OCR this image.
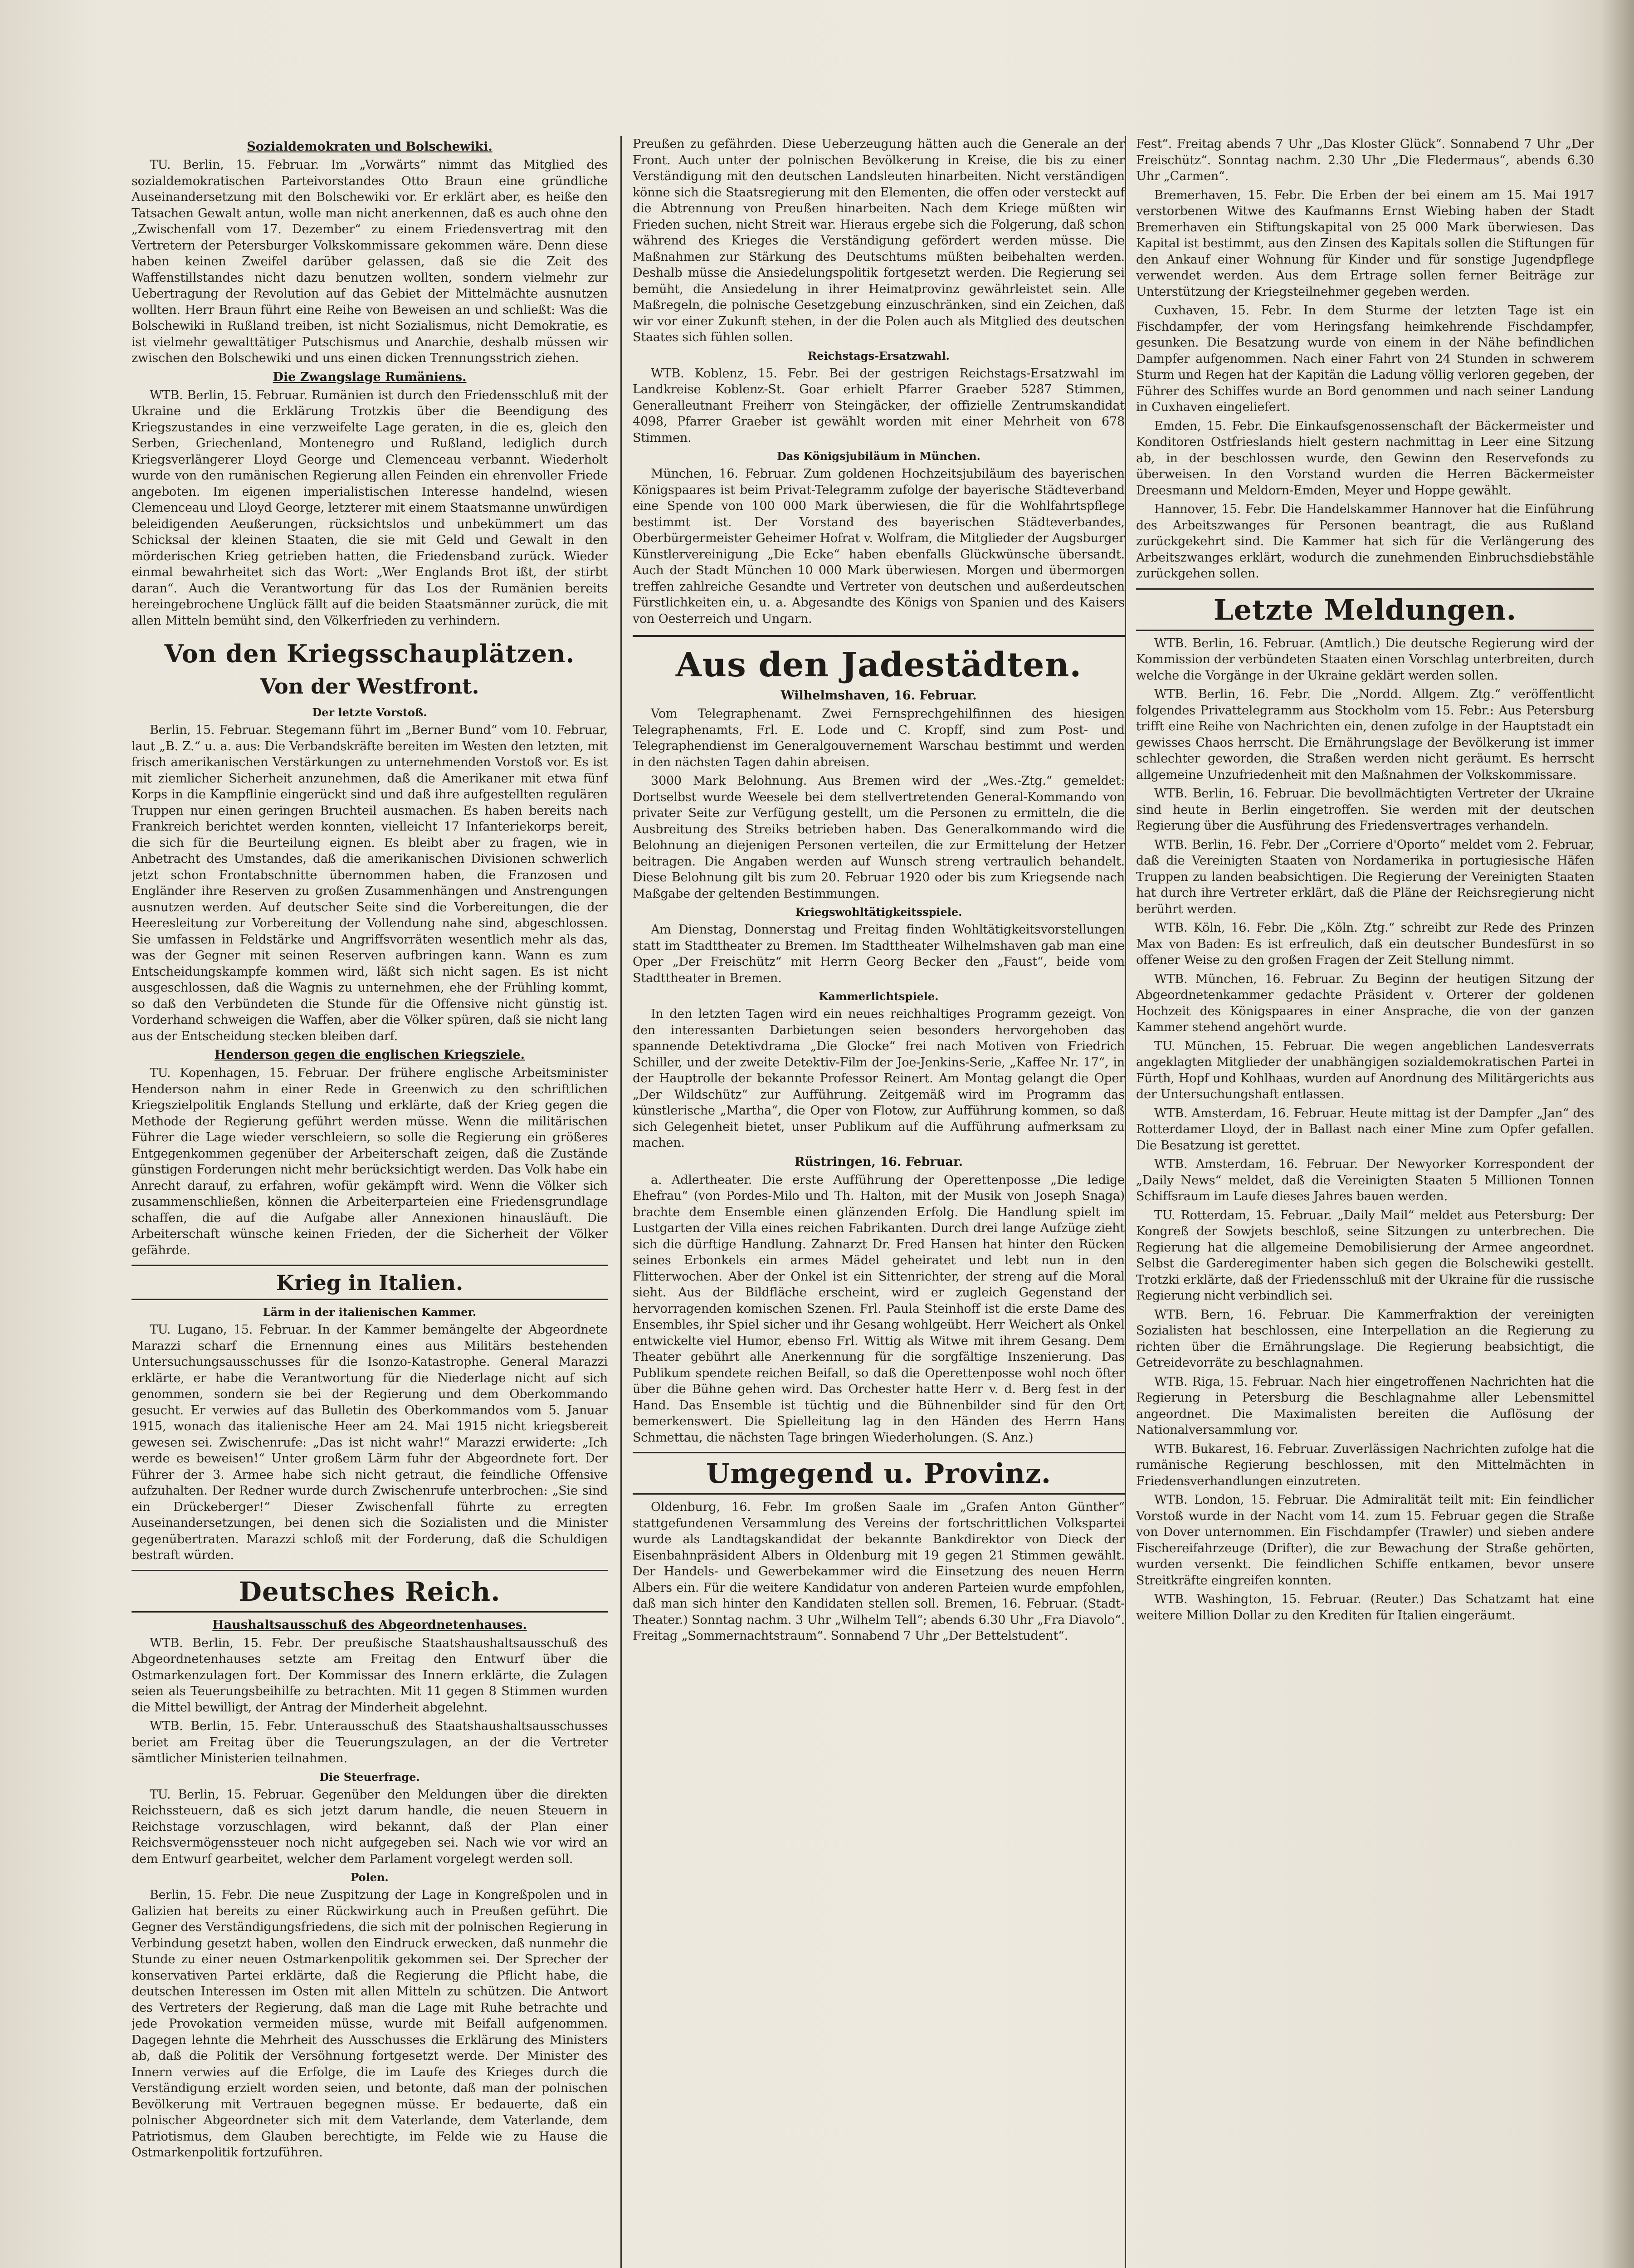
Sozialdemokraten und Bolschewiki.

TU. Berlin, 15. Februar. Im „Vorwärts“ nimmt das Mitglied des sozialdemokratischen Parteivorstandes Otto Braun eine gründliche Auseinandersetzung mit den Bolschewiki vor. Er erklärt aber, es heiße den Tatsachen Gewalt antun, wolle man nicht anerkennen, daß es auch ohne den „Zwischenfall vom 17. Dezember“ zu einem Friedensvertrag mit den Vertretern der Petersburger Volkskommissare gekommen wäre. Denn diese haben keinen Zweifel darüber gelassen, daß sie die Zeit des Waffenstillstandes nicht dazu benutzen wollten, sondern vielmehr zur Uebertragung der Revolution auf das Gebiet der Mittelmächte ausnutzen wollten. Herr Braun führt eine Reihe von Beweisen an und schließt: Was die Bolschewiki in Rußland treiben, ist nicht Sozialismus, nicht Demokratie, es ist vielmehr gewalttätiger Putschismus und Anarchie, deshalb müssen wir zwischen den Bolschewiki und uns einen dicken Trennungsstrich ziehen.

Die Zwangslage Rumäniens.

WTB. Berlin, 15. Februar. Rumänien ist durch den Friedensschluß mit der Ukraine und die Erklärung Trotzkis über die Beendigung des Kriegszustandes in eine verzweifelte Lage geraten, in die es, gleich den Serben, Griechenland, Montenegro und Rußland, lediglich durch Kriegsverlängerer Lloyd George und Clemenceau verbannt. Wiederholt wurde von den rumänischen Regierung allen Feinden ein ehrenvoller Friede angeboten. Im eigenen imperialistischen Interesse handelnd, wiesen Clemenceau und Lloyd George, letzterer mit einem Staatsmanne unwürdigen beleidigenden Aeußerungen, rücksichtslos und unbekümmert um das Schicksal der kleinen Staaten, die sie mit Geld und Gewalt in den mörderischen Krieg getrieben hatten, die Friedensband zurück. Wieder einmal bewahrheitet sich das Wort: „Wer Englands Brot ißt, der stirbt daran“. Auch die Verantwortung für das Los der Rumänien bereits hereingebrochene Unglück fällt auf die beiden Staatsmänner zurück, die mit allen Mitteln bemüht sind, den Völkerfrieden zu verhindern.

Von den Kriegsschauplätzen.
Von der Westfront.
Der letzte Vorstoß.

Berlin, 15. Februar. Stegemann führt im „Berner Bund“ vom 10. Februar, laut „B. Z.“ u. a. aus: Die Verbandskräfte bereiten im Westen den letzten, mit frisch amerikanischen Verstärkungen zu unternehmenden Vorstoß vor. Es ist mit ziemlicher Sicherheit anzunehmen, daß die Amerikaner mit etwa fünf Korps in die Kampflinie eingerückt sind und daß ihre aufgestellten regulären Truppen nur einen geringen Bruchteil ausmachen. Es haben bereits nach Frankreich berichtet werden konnten, vielleicht 17 Infanteriekorps bereit, die sich für die Beurteilung eignen. Es bleibt aber zu fragen, wie in Anbetracht des Umstandes, daß die amerikanischen Divisionen schwerlich jetzt schon Frontabschnitte übernommen haben, die Franzosen und Engländer ihre Reserven zu großen Zusammenhängen und Anstrengungen ausnutzen werden. Auf deutscher Seite sind die Vorbereitungen, die der Heeresleitung zur Vorbereitung der Vollendung nahe sind, abgeschlossen. Sie umfassen in Feldstärke und Angriffsvorräten wesentlich mehr als das, was der Gegner mit seinen Reserven aufbringen kann. Wann es zum Entscheidungskampfe kommen wird, läßt sich nicht sagen. Es ist nicht ausgeschlossen, daß die Wagnis zu unternehmen, ehe der Frühling kommt, so daß den Verbündeten die Stunde für die Offensive nicht günstig ist. Vorderhand schweigen die Waffen, aber die Völker spüren, daß sie nicht lang aus der Entscheidung stecken bleiben darf.

Henderson gegen die englischen Kriegsziele.

TU. Kopenhagen, 15. Februar. Der frühere englische Arbeitsminister Henderson nahm in einer Rede in Greenwich zu den schriftlichen Kriegszielpolitik Englands Stellung und erklärte, daß der Krieg gegen die Methode der Regierung geführt werden müsse. Wenn die militärischen Führer die Lage wieder verschleiern, so solle die Regierung ein größeres Entgegenkommen gegenüber der Arbeiterschaft zeigen, daß die Zustände günstigen Forderungen nicht mehr berücksichtigt werden. Das Volk habe ein Anrecht darauf, zu erfahren, wofür gekämpft wird. Wenn die Völker sich zusammenschließen, können die Arbeiterparteien eine Friedensgrundlage schaffen, die auf die Aufgabe aller Annexionen hinausläuft. Die Arbeiterschaft wünsche keinen Frieden, der die Sicherheit der Völker gefährde.

Krieg in Italien.
Lärm in der italienischen Kammer.

TU. Lugano, 15. Februar. In der Kammer bemängelte der Abgeordnete Marazzi scharf die Ernennung eines aus Militärs bestehenden Untersuchungsausschusses für die Isonzo-Katastrophe. General Marazzi erklärte, er habe die Verantwortung für die Niederlage nicht auf sich genommen, sondern sie bei der Regierung und dem Oberkommando gesucht. Er verwies auf das Bulletin des Oberkommandos vom 5. Januar 1915, wonach das italienische Heer am 24. Mai 1915 nicht kriegsbereit gewesen sei. Zwischenrufe: „Das ist nicht wahr!“ Marazzi erwiderte: „Ich werde es beweisen!“ Unter großem Lärm fuhr der Abgeordnete fort. Der Führer der 3. Armee habe sich nicht getraut, die feindliche Offensive aufzuhalten. Der Redner wurde durch Zwischenrufe unterbrochen: „Sie sind ein Drückeberger!“ Dieser Zwischenfall führte zu erregten Auseinandersetzungen, bei denen sich die Sozialisten und die Minister gegenübertraten. Marazzi schloß mit der Forderung, daß die Schuldigen bestraft würden.

Deutsches Reich.
Haushaltsausschuß des Abgeordnetenhauses.

WTB. Berlin, 15. Febr. Der preußische Staatshaushaltsausschuß des Abgeordnetenhauses setzte am Freitag den Entwurf über die Ostmarkenzulagen fort. Der Kommissar des Innern erklärte, die Zulagen seien als Teuerungsbeihilfe zu betrachten. Mit 11 gegen 8 Stimmen wurden die Mittel bewilligt, der Antrag der Minderheit abgelehnt.

WTB. Berlin, 15. Febr. Unterausschuß des Staatshaushaltsausschusses beriet am Freitag über die Teuerungszulagen, an der die Vertreter sämtlicher Ministerien teilnahmen.

Die Steuerfrage.

TU. Berlin, 15. Februar. Gegenüber den Meldungen über die direkten Reichssteuern, daß es sich jetzt darum handle, die neuen Steuern in Reichstage vorzuschlagen, wird bekannt, daß der Plan einer Reichsvermögenssteuer noch nicht aufgegeben sei. Nach wie vor wird an dem Entwurf gearbeitet, welcher dem Parlament vorgelegt werden soll.

Polen.

Berlin, 15. Febr. Die neue Zuspitzung der Lage in Kongreßpolen und in Galizien hat bereits zu einer Rückwirkung auch in Preußen geführt. Die Gegner des Verständigungsfriedens, die sich mit der polnischen Regierung in Verbindung gesetzt haben, wollen den Eindruck erwecken, daß nunmehr die Stunde zu einer neuen Ostmarkenpolitik gekommen sei. Der Sprecher der konservativen Partei erklärte, daß die Regierung die Pflicht habe, die deutschen Interessen im Osten mit allen Mitteln zu schützen. Die Antwort des Vertreters der Regierung, daß man die Lage mit Ruhe betrachte und jede Provokation vermeiden müsse, wurde mit Beifall aufgenommen. Dagegen lehnte die Mehrheit des Ausschusses die Erklärung des Ministers ab, daß die Politik der Versöhnung fortgesetzt werde. Der Minister des Innern verwies auf die Erfolge, die im Laufe des Krieges durch die Verständigung erzielt worden seien, und betonte, daß man der polnischen Bevölkerung mit Vertrauen begegnen müsse. Er bedauerte, daß ein polnischer Abgeordneter sich mit dem Vaterlande, dem Vaterlande, dem Patriotismus, dem Glauben berechtigte, im Felde wie zu Hause die Ostmarkenpolitik fortzuführen.

Preußen zu gefährden. Diese Ueberzeugung hätten auch die Generale an der Front. Auch unter der polnischen Bevölkerung in Kreise, die bis zu einer Verständigung mit den deutschen Landsleuten hinarbeiten. Nicht verständigen könne sich die Staatsregierung mit den Elementen, die offen oder versteckt auf die Abtrennung von Preußen hinarbeiten. Nach dem Kriege müßten wir Frieden suchen, nicht Streit war. Hieraus ergebe sich die Folgerung, daß schon während des Krieges die Verständigung gefördert werden müsse. Die Maßnahmen zur Stärkung des Deutschtums müßten beibehalten werden. Deshalb müsse die Ansiedelungspolitik fortgesetzt werden. Die Regierung sei bemüht, die Ansiedelung in ihrer Heimatprovinz gewährleistet sein. Alle Maßregeln, die polnische Gesetzgebung einzuschränken, sind ein Zeichen, daß wir vor einer Zukunft stehen, in der die Polen auch als Mitglied des deutschen Staates sich fühlen sollen.

Reichstags-Ersatzwahl.

WTB. Koblenz, 15. Febr. Bei der gestrigen Reichstags-Ersatzwahl im Landkreise Koblenz-St. Goar erhielt Pfarrer Graeber 5287 Stimmen, Generalleutnant Freiherr von Steingäcker, der offizielle Zentrumskandidat 4098, Pfarrer Graeber ist gewählt worden mit einer Mehrheit von 678 Stimmen.

Das Königsjubiläum in München.

München, 16. Februar. Zum goldenen Hochzeitsjubiläum des bayerischen Königspaares ist beim Privat-Telegramm zufolge der bayerische Städteverband eine Spende von 100 000 Mark überwiesen, die für die Wohlfahrtspflege bestimmt ist. Der Vorstand des bayerischen Städteverbandes, Oberbürgermeister Geheimer Hofrat v. Wolfram, die Mitglieder der Augsburger Künstlervereinigung „Die Ecke“ haben ebenfalls Glückwünsche übersandt. Auch der Stadt München 10 000 Mark überwiesen. Morgen und übermorgen treffen zahlreiche Gesandte und Vertreter von deutschen und außerdeutschen Fürstlichkeiten ein, u. a. Abgesandte des Königs von Spanien und des Kaisers von Oesterreich und Ungarn.

Aus den Jadestädten.
Wilhelmshaven, 16. Februar.

Vom Telegraphenamt. Zwei Fernsprechgehilfinnen des hiesigen Telegraphenamts, Frl. E. Lode und C. Kropff, sind zum Post- und Telegraphendienst im Generalgouvernement Warschau bestimmt und werden in den nächsten Tagen dahin abreisen.

3000 Mark Belohnung. Aus Bremen wird der „Wes.-Ztg.“ gemeldet: Dortselbst wurde Weesele bei dem stellvertretenden General-Kommando von privater Seite zur Verfügung gestellt, um die Personen zu ermitteln, die die Ausbreitung des Streiks betrieben haben. Das Generalkommando wird die Belohnung an diejenigen Personen verteilen, die zur Ermittelung der Hetzer beitragen. Die Angaben werden auf Wunsch streng vertraulich behandelt. Diese Belohnung gilt bis zum 20. Februar 1920 oder bis zum Kriegsende nach Maßgabe der geltenden Bestimmungen.

Kriegswohltätigkeitsspiele.

Am Dienstag, Donnerstag und Freitag finden Wohltätigkeitsvorstellungen statt im Stadttheater zu Bremen. Im Stadttheater Wilhelmshaven gab man eine Oper „Der Freischütz“ mit Herrn Georg Becker den „Faust“, beide vom Stadttheater in Bremen.

Kammerlichtspiele.

In den letzten Tagen wird ein neues reichhaltiges Programm gezeigt. Von den interessanten Darbietungen seien besonders hervorgehoben das spannende Detektivdrama „Die Glocke“ frei nach Motiven von Friedrich Schiller, und der zweite Detektiv-Film der Joe-Jenkins-Serie, „Kaffee Nr. 17“, in der Hauptrolle der bekannte Professor Reinert. Am Montag gelangt die Oper „Der Wildschütz“ zur Aufführung. Zeitgemäß wird im Programm das künstlerische „Martha“, die Oper von Flotow, zur Aufführung kommen, so daß sich Gelegenheit bietet, unser Publikum auf die Aufführung aufmerksam zu machen.

Rüstringen, 16. Februar.

a. Adlertheater. Die erste Aufführung der Operettenposse „Die ledige Ehefrau“ (von Pordes-Milo und Th. Halton, mit der Musik von Joseph Snaga) brachte dem Ensemble einen glänzenden Erfolg. Die Handlung spielt im Lustgarten der Villa eines reichen Fabrikanten. Durch drei lange Aufzüge zieht sich die dürftige Handlung. Zahnarzt Dr. Fred Hansen hat hinter den Rücken seines Erbonkels ein armes Mädel geheiratet und lebt nun in den Flitterwochen. Aber der Onkel ist ein Sittenrichter, der streng auf die Moral sieht. Aus der Bildfläche erscheint, wird er zugleich Gegenstand der hervorragenden komischen Szenen. Frl. Paula Steinhoff ist die erste Dame des Ensembles, ihr Spiel sicher und ihr Gesang wohlgeübt. Herr Weichert als Onkel entwickelte viel Humor, ebenso Frl. Wittig als Witwe mit ihrem Gesang. Dem Theater gebührt alle Anerkennung für die sorgfältige Inszenierung. Das Publikum spendete reichen Beifall, so daß die Operettenposse wohl noch öfter über die Bühne gehen wird. Das Orchester hatte Herr v. d. Berg fest in der Hand. Das Ensemble ist tüchtig und die Bühnenbilder sind für den Ort bemerkenswert. Die Spielleitung lag in den Händen des Herrn Hans Schmettau, die nächsten Tage bringen Wiederholungen. (S. Anz.)

Umgegend u. Provinz.

Oldenburg, 16. Febr. Im großen Saale im „Grafen Anton Günther“ stattgefundenen Versammlung des Vereins der fortschrittlichen Volkspartei wurde als Landtagskandidat der bekannte Bankdirektor von Dieck der Eisenbahnpräsident Albers in Oldenburg mit 19 gegen 21 Stimmen gewählt. Der Handels- und Gewerbekammer wird die Einsetzung des neuen Herrn Albers ein. Für die weitere Kandidatur von anderen Parteien wurde empfohlen, daß man sich hinter den Kandidaten stellen soll. Bremen, 16. Februar. (Stadt-Theater.) Sonntag nachm. 3 Uhr „Wilhelm Tell“; abends 6.30 Uhr „Fra Diavolo“. Freitag „Sommernachtstraum“. Sonnabend 7 Uhr „Der Bettelstudent“.

Fest“. Freitag abends 7 Uhr „Das Kloster Glück“. Sonnabend 7 Uhr „Der Freischütz“. Sonntag nachm. 2.30 Uhr „Die Fledermaus“, abends 6.30 Uhr „Carmen“.

Bremerhaven, 15. Febr. Die Erben der bei einem am 15. Mai 1917 verstorbenen Witwe des Kaufmanns Ernst Wiebing haben der Stadt Bremerhaven ein Stiftungskapital von 25 000 Mark überwiesen. Das Kapital ist bestimmt, aus den Zinsen des Kapitals sollen die Stiftungen für den Ankauf einer Wohnung für Kinder und für sonstige Jugendpflege verwendet werden. Aus dem Ertrage sollen ferner Beiträge zur Unterstützung der Kriegsteilnehmer gegeben werden.

Cuxhaven, 15. Febr. In dem Sturme der letzten Tage ist ein Fischdampfer, der vom Heringsfang heimkehrende Fischdampfer, gesunken. Die Besatzung wurde von einem in der Nähe befindlichen Dampfer aufgenommen. Nach einer Fahrt von 24 Stunden in schwerem Sturm und Regen hat der Kapitän die Ladung völlig verloren gegeben, der Führer des Schiffes wurde an Bord genommen und nach seiner Landung in Cuxhaven eingeliefert.

Emden, 15. Febr. Die Einkaufsgenossenschaft der Bäckermeister und Konditoren Ostfrieslands hielt gestern nachmittag in Leer eine Sitzung ab, in der beschlossen wurde, den Gewinn den Reservefonds zu überweisen. In den Vorstand wurden die Herren Bäckermeister Dreesmann und Meldorn-Emden, Meyer und Hoppe gewählt.

Hannover, 15. Febr. Die Handelskammer Hannover hat die Einführung des Arbeitszwanges für Personen beantragt, die aus Rußland zurückgekehrt sind. Die Kammer hat sich für die Verlängerung des Arbeitszwanges erklärt, wodurch die zunehmenden Einbruchsdiebstähle zurückgehen sollen.

Letzte Meldungen.

WTB. Berlin, 16. Februar. (Amtlich.) Die deutsche Regierung wird der Kommission der verbündeten Staaten einen Vorschlag unterbreiten, durch welche die Vorgänge in der Ukraine geklärt werden sollen.

WTB. Berlin, 16. Febr. Die „Nordd. Allgem. Ztg.“ veröffentlicht folgendes Privattelegramm aus Stockholm vom 15. Febr.: Aus Petersburg trifft eine Reihe von Nachrichten ein, denen zufolge in der Hauptstadt ein gewisses Chaos herrscht. Die Ernährungslage der Bevölkerung ist immer schlechter geworden, die Straßen werden nicht geräumt. Es herrscht allgemeine Unzufriedenheit mit den Maßnahmen der Volkskommissare.

WTB. Berlin, 16. Februar. Die bevollmächtigten Vertreter der Ukraine sind heute in Berlin eingetroffen. Sie werden mit der deutschen Regierung über die Ausführung des Friedensvertrages verhandeln.

WTB. Berlin, 16. Febr. Der „Corriere d'Oporto“ meldet vom 2. Februar, daß die Vereinigten Staaten von Nordamerika in portugiesische Häfen Truppen zu landen beabsichtigen. Die Regierung der Vereinigten Staaten hat durch ihre Vertreter erklärt, daß die Pläne der Reichsregierung nicht berührt werden.

WTB. Köln, 16. Febr. Die „Köln. Ztg.“ schreibt zur Rede des Prinzen Max von Baden: Es ist erfreulich, daß ein deutscher Bundesfürst in so offener Weise zu den großen Fragen der Zeit Stellung nimmt.

WTB. München, 16. Februar. Zu Beginn der heutigen Sitzung der Abgeordnetenkammer gedachte Präsident v. Orterer der goldenen Hochzeit des Königspaares in einer Ansprache, die von der ganzen Kammer stehend angehört wurde.

TU. München, 15. Februar. Die wegen angeblichen Landesverrats angeklagten Mitglieder der unabhängigen sozialdemokratischen Partei in Fürth, Hopf und Kohlhaas, wurden auf Anordnung des Militärgerichts aus der Untersuchungshaft entlassen.

WTB. Amsterdam, 16. Februar. Heute mittag ist der Dampfer „Jan“ des Rotterdamer Lloyd, der in Ballast nach einer Mine zum Opfer gefallen. Die Besatzung ist gerettet.

WTB. Amsterdam, 16. Februar. Der Newyorker Korrespondent der „Daily News“ meldet, daß die Vereinigten Staaten 5 Millionen Tonnen Schiffsraum im Laufe dieses Jahres bauen werden.

TU. Rotterdam, 15. Februar. „Daily Mail“ meldet aus Petersburg: Der Kongreß der Sowjets beschloß, seine Sitzungen zu unterbrechen. Die Regierung hat die allgemeine Demobilisierung der Armee angeordnet. Selbst die Garderegimenter haben sich gegen die Bolschewiki gestellt. Trotzki erklärte, daß der Friedensschluß mit der Ukraine für die russische Regierung nicht verbindlich sei.

WTB. Bern, 16. Februar. Die Kammerfraktion der vereinigten Sozialisten hat beschlossen, eine Interpellation an die Regierung zu richten über die Ernährungslage. Die Regierung beabsichtigt, die Getreidevorräte zu beschlagnahmen.

WTB. Riga, 15. Februar. Nach hier eingetroffenen Nachrichten hat die Regierung in Petersburg die Beschlagnahme aller Lebensmittel angeordnet. Die Maximalisten bereiten die Auflösung der Nationalversammlung vor.

WTB. Bukarest, 16. Februar. Zuverlässigen Nachrichten zufolge hat die rumänische Regierung beschlossen, mit den Mittelmächten in Friedensverhandlungen einzutreten.

WTB. London, 15. Februar. Die Admiralität teilt mit: Ein feindlicher Vorstoß wurde in der Nacht vom 14. zum 15. Februar gegen die Straße von Dover unternommen. Ein Fischdampfer (Trawler) und sieben andere Fischereifahrzeuge (Drifter), die zur Bewachung der Straße gehörten, wurden versenkt. Die feindlichen Schiffe entkamen, bevor unsere Streitkräfte eingreifen konnten.

WTB. Washington, 15. Februar. (Reuter.) Das Schatzamt hat eine weitere Million Dollar zu den Krediten für Italien eingeräumt.
